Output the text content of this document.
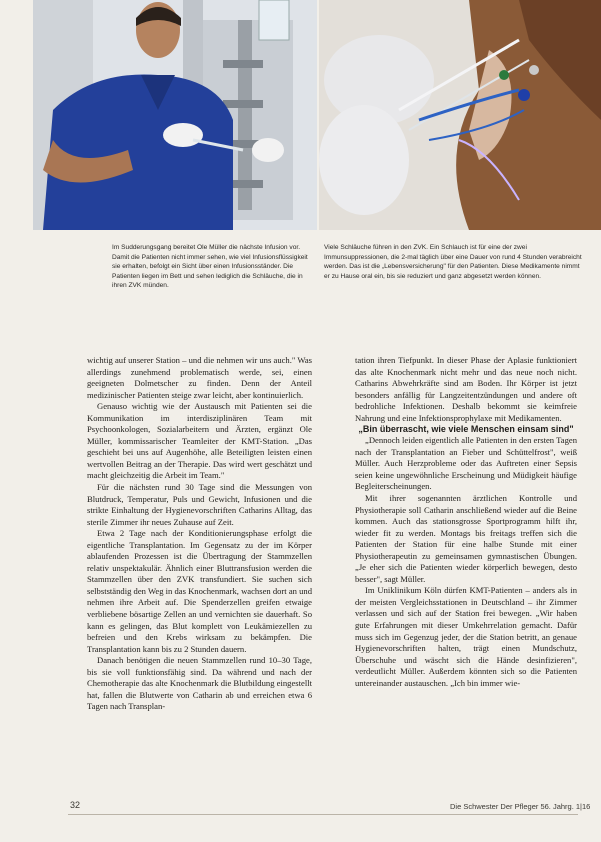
Im Sudderungsgang bereitet Ole Müller die nächste Infusion vor. Damit die Patienten nicht immer sehen, wie viel Infusionsflüssigkeit sie erhalten, befolgt ein Sicht über einen Infusionsständer. Die Patienten liegen im Bett und sehen lediglich die Schläuche, die in ihren ZVK münden.
Viele Schläuche führen in den ZVK. Ein Schlauch ist für eine der zwei Immunsuppressionen, die 2-mal täglich über eine Dauer von rund 4 Stunden verabreicht werden. Das ist die „Lebensversicherung" für den Patienten. Diese Medikamente nimmt er zu Hause oral ein, bis sie reduziert und ganz abgesetzt werden können.

wichtig auf unserer Station – und die nehmen wir uns auch." Was allerdings zunehmend problematisch werde, sei, einen geeigneten Dolmetscher zu finden. Denn der Anteil medizinischer Patienten steige zwar leicht, aber kontinuierlich.

Genauso wichtig wie der Austausch mit Patienten sei die Kommunikation im interdisziplinären Team mit Psychoonkologen, Sozialarbeitern und Ärzten, ergänzt Ole Müller, kommissarischer Teamleiter der KMT-Station. „Das geschieht bei uns auf Augenhöhe, alle Beteiligten leisten einen wertvollen Beitrag an der Therapie. Das wird wert geschätzt und macht gleichzeitig die Arbeit im Team."

Für die nächsten rund 30 Tage sind die Messungen von Blutdruck, Temperatur, Puls und Gewicht, Infusionen und die strikte Einhaltung der Hygienevorschriften Catharins Alltag, das sterile Zimmer ihr neues Zuhause auf Zeit.

Etwa 2 Tage nach der Konditionierungsphase erfolgt die eigentliche Transplantation. Im Gegensatz zu der im Körper ablaufenden Prozessen ist die Übertragung der Stammzellen relativ unspektakulär. Ähnlich einer Bluttransfusion werden die Stammzellen über den ZVK transfundiert. Sie suchen sich selbstständig den Weg in das Knochenmark, wachsen dort an und nehmen ihre Arbeit auf. Die Spenderzellen greifen etwaige verbliebene bösartige Zellen an und vernichten sie dauerhaft. So kann es gelingen, das Blut komplett von Leukämiezellen zu befreien und den Krebs wirksam zu bekämpfen. Die Transplantation kann bis zu 2 Stunden dauern.

Danach benötigen die neuen Stammzellen rund 10–30 Tage, bis sie voll funktionsfähig sind. Da während und nach der Chemotherapie das alte Knochenmark die Blutbildung eingestellt hat, fallen die Blutwerte von Catharin ab und erreichen etwa 6 Tagen nach Transplan-

tation ihren Tiefpunkt. In dieser Phase der Aplasie funktioniert das alte Knochenmark nicht mehr und das neue noch nicht. Catharins Abwehrkräfte sind am Boden. Ihr Körper ist jetzt besonders anfällig für Langzeitentzündungen und andere oft bedrohliche Infektionen. Deshalb bekommt sie keimfreie Nahrung und eine Infektionsprophylaxe mit Medikamenten.

„Bin überrascht, wie viele Menschen einsam sind"

„Dennoch leiden eigentlich alle Patienten in den ersten Tagen nach der Transplantation an Fieber und Schüttelfrost", weiß Müller. Auch Herzprobleme oder das Auftreten einer Sepsis seien keine ungewöhnliche Erscheinung und Müdigkeit häufige Begleiterscheinungen.

Mit ihrer sogenannten ärztlichen Kontrolle und Physiotherapie soll Catharin anschließend wieder auf die Beine kommen. Auch das stationsgrosse Sportprogramm hilft ihr, wieder fit zu werden. Montags bis freitags treffen sich die Patienten der Station für eine halbe Stunde mit einer Physiotherapeutin zu gemeinsamen gymnastischen Übungen. „Je eher sich die Patienten wieder körperlich bewegen, desto besser", sagt Müller.

Im Uniklinikum Köln dürfen KMT-Patienten – anders als in der meisten Vergleichsstationen in Deutschland – ihr Zimmer verlassen und sich auf der Station frei bewegen. „Wir haben gute Erfahrungen mit dieser Umkehrrelation gemacht. Dafür muss sich im Gegenzug jeder, der die Station betritt, an genaue Hygienevorschriften halten, trägt einen Mundschutz, Überschuhe und wäscht sich die Hände desinfizieren", verdeutlicht Müller. Außerdem könnten sich so die Patienten untereinander austauschen. „Ich bin immer wie-

32	Die Schwester Der Pfleger 56. Jahrg. 1|16
